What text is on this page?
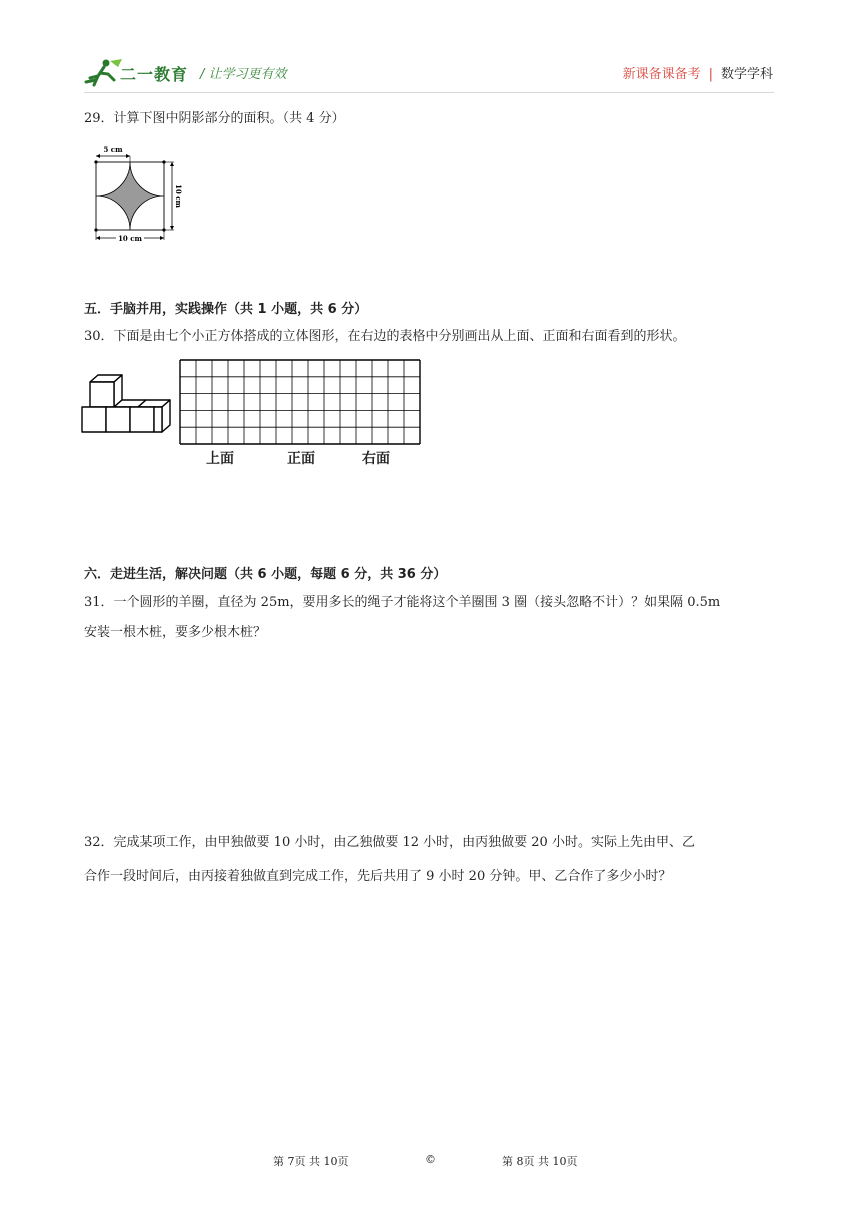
二一教育 / 让学习更有效	新课备课备考 | 数学学科
29．计算下图中阴影部分的面积。（共 4 分）
5 cm
10 cm
10 cm
五．手脑并用，实践操作（共 1 小题，共 6 分）
30．下面是由七个小正方体搭成的立体图形，在右边的表格中分别画出从上面、正面和右面看到的形状。
上面	正面	右面
六．走进生活，解决问题（共 6 小题，每题 6 分，共 36 分）
31．一个圆形的羊圈，直径为 25m，要用多长的绳子才能将这个羊圈围 3 圈（接头忽略不计）？如果隔 0.5m
安装一根木桩，要多少根木桩？
32．完成某项工作，由甲独做要 10 小时，由乙独做要 12 小时，由丙独做要 20 小时。实际上先由甲、乙
合作一段时间后，由丙接着独做直到完成工作，先后共用了 9 小时 20 分钟。甲、乙合作了多少小时？
第 7页 共 10页	©	第 8页 共 10页
